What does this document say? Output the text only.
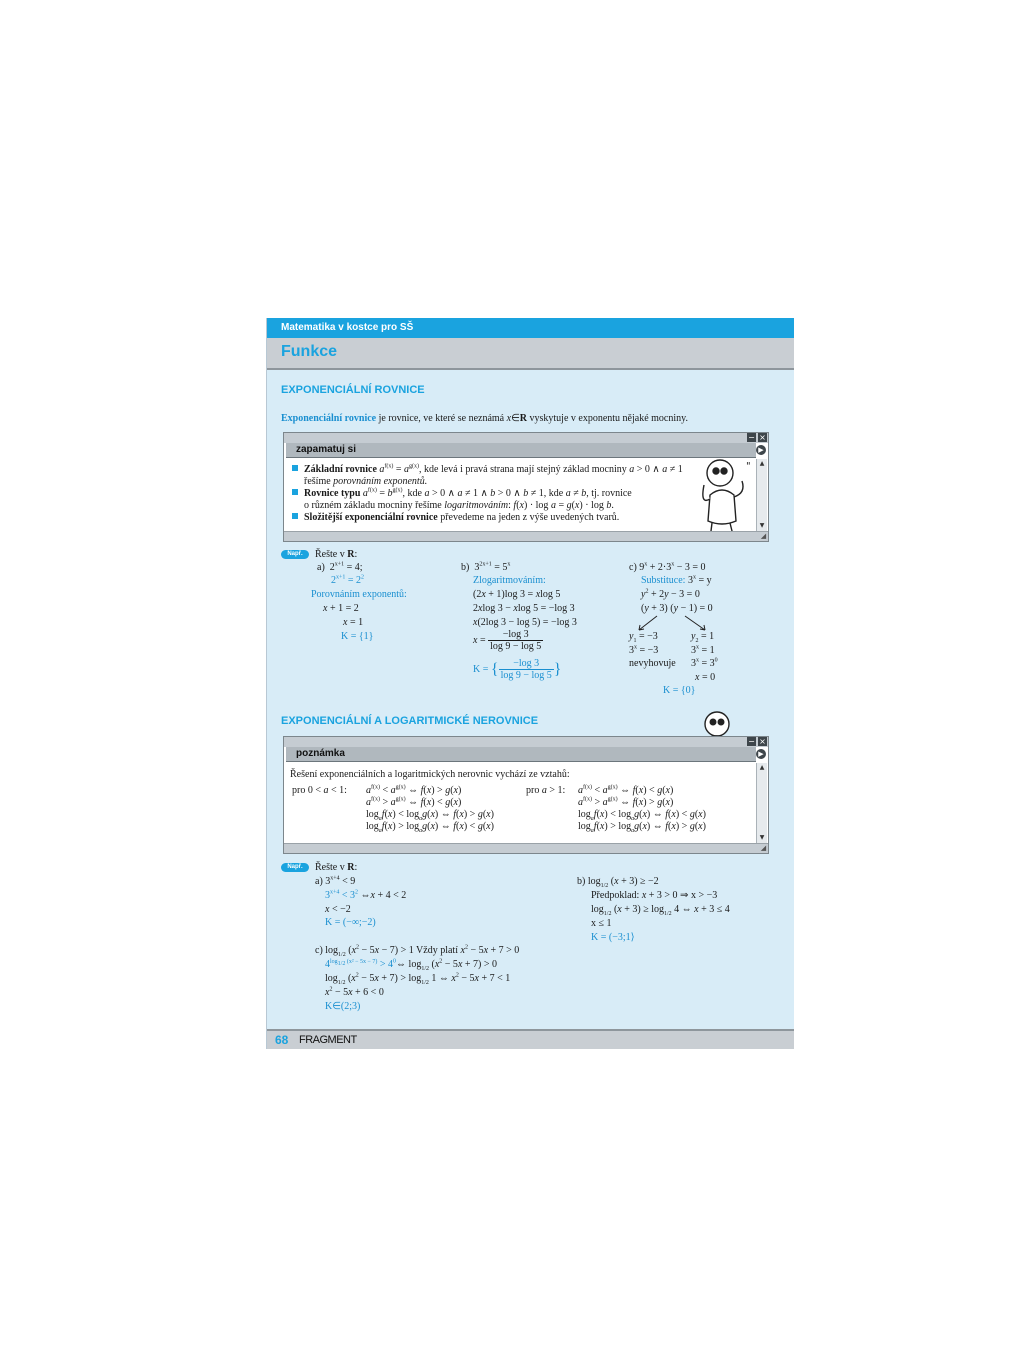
Matematika v kostce pro SŠ
Funkce
EXPONENCIÁLNÍ ROVNICE
Exponenciální rovnice je rovnice, ve které se neznámá x∈R vyskytuje v exponentu nějaké mocniny.
− ×
zapamatuj si	▶
▲
▼
Základní rovnice $a^{f(x)} = a^{g(x)}$, kde levá i pravá strana mají stejný základ mocniny a > 0 ∧ a ≠ 1
řešíme porovnáním exponentů.
Rovnice typu $a^{f(x)} = b^{g(x)}$, kde a > 0 ∧ a ≠ 1 ∧ b > 0 ∧ b ≠ 1, kde a ≠ b, tj. rovnice
o různém základu mocniny řešíme logaritmováním: f(x) · log a = g(x) · log b.
Složitější exponenciální rovnice převedeme na jeden z výše uvedených tvarů.
"
◢
Např.	Řešte v R:
a)  $2^{x+1} = 4$;
$2^{x+1} = 2^2$
Porovnáním exponentů:
x + 1 = 2
x = 1
K = {1}
b)  $3^{2x+1} = 5^x$
Zlogaritmováním:
(2x + 1)log 3 = xlog 5
2xlog 3 − xlog 5 = −log 3
x(2log 3 − log 5) = −log 3
$x = \frac{-\log 3}{\log 9 - \log 5}$
K = { $\frac{-\log 3}{\log 9 - \log 5}$ }
c) $9^x + 2\cdot 3^x - 3 = 0$
Substituce: $3^x = y$
$y^2 + 2y - 3 = 0$
(y + 3) (y − 1) = 0
$y_1 = -3$	$y_2 = 1$
$3^x = -3$	$3^x = 1$
nevyhovuje $3^x = 3^0$
x = 0
K = {0}
EXPONENCIÁLNÍ A LOGARITMICKÉ NEROVNICE
− ×
poznámka	▶
▲
▼
Řešení exponenciálních a logaritmických nerovnic vychází ze vztahů:
pro 0 < a < 1: $a^{f(x)} < a^{g(x)}$ ⇔ f(x) > g(x)
$a^{f(x)} > a^{g(x)}$ ⇔ f(x) < g(x)
$\log_af(x) < \log_ag(x)$ ⇔ f(x) > g(x)
$\log_af(x) > \log_ag(x)$ ⇔ f(x) < g(x)
pro a > 1: $a^{f(x)} < a^{g(x)}$ ⇔ f(x) < g(x)
$a^{f(x)} > a^{g(x)}$ ⇔ f(x) > g(x)
$\log_af(x) < \log_ag(x)$ ⇔ f(x) < g(x)
$\log_af(x) > \log_ag(x)$ ⇔ f(x) > g(x)
◢
Např.	Řešte v R:
a) $3^{x+4} < 9$
$3^{x+4} < 3^2$ ⇔x + 4 < 2
x < −2
K = (−∞;−2)
b) $\log_{1/2} (x + 3) \ge -2$
Předpoklad: x + 3 > 0 ⇒ x > −3
$\log_{1/2} (x + 3) \ge \log_{1/2} 4$ ⇔ x + 3 ≤ 4
x ≤ 1
K = (−3;1⟩
c) $\log_{1/2} (x^2 - 5x - 7) > 1$ Vždy platí $x^2 - 5x + 7 > 0$
$4^{log_{1/2} (x^2 - 5x - 7)}$ > $4^0\Leftrightarrow$ $\log_{1/2} (x^2 - 5x + 7) > 0$
$\log_{1/2} (x^2 - 5x + 7) > \log_{1/2} 1$ ⇔ $x^2 - 5x + 7 < 1$
$x^2 - 5x + 6 < 0$
K∈(2;3)
68 FRAGMENT
